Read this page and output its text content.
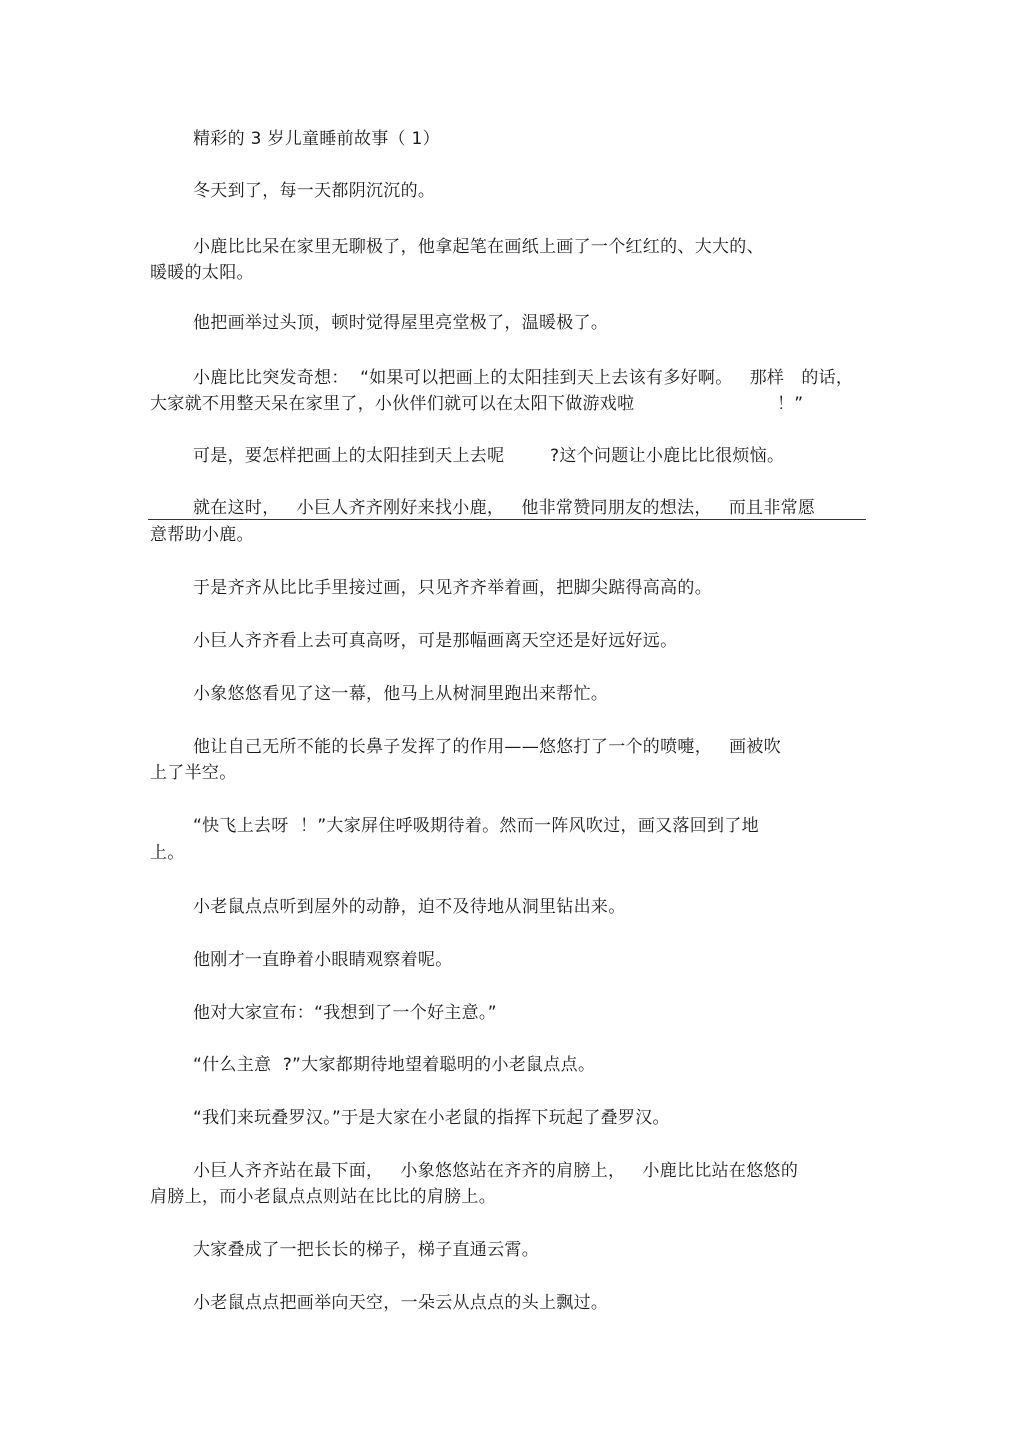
精彩的 3 岁儿童睡前故事（ 1）
冬天到了，每一天都阴沉沉的。
小鹿比比呆在家里无聊极了，他拿起笔在画纸上画了一个红红的、大大的、
暖暖的太阳。
他把画举过头顶，顿时觉得屋里亮堂极了，温暖极了。
小鹿比比突发奇想：  “如果可以把画上的太阳挂到天上去该有多好啊。   那样   的话，
大家就不用整天呆在家里了，小伙伴们就可以在太阳下做游戏啦                         ！”
可是，要怎样把画上的太阳挂到天上去呢        ?这个问题让小鹿比比很烦恼。
就在这时，   小巨人齐齐刚好来找小鹿，   他非常赞同朋友的想法，   而且非常愿
意帮助小鹿。
于是齐齐从比比手里接过画，只见齐齐举着画，把脚尖踮得高高的。
小巨人齐齐看上去可真高呀，可是那幅画离天空还是好远好远。
小象悠悠看见了这一幕，他马上从树洞里跑出来帮忙。
他让自己无所不能的长鼻子发挥了的作用——悠悠打了一个的喷嚏，   画被吹
上了半空。
“快飞上去呀  ！”大家屏住呼吸期待着。然而一阵风吹过，画又落回到了地
上。
小老鼠点点听到屋外的动静，迫不及待地从洞里钻出来。
他刚才一直睁着小眼睛观察着呢。
他对大家宣布：“我想到了一个好主意。”
“什么主意  ?”大家都期待地望着聪明的小老鼠点点。
“我们来玩叠罗汉。”于是大家在小老鼠的指挥下玩起了叠罗汉。
小巨人齐齐站在最下面，   小象悠悠站在齐齐的肩膀上，   小鹿比比站在悠悠的
肩膀上，而小老鼠点点则站在比比的肩膀上。
大家叠成了一把长长的梯子，梯子直通云霄。
小老鼠点点把画举向天空，一朵云从点点的头上飘过。
